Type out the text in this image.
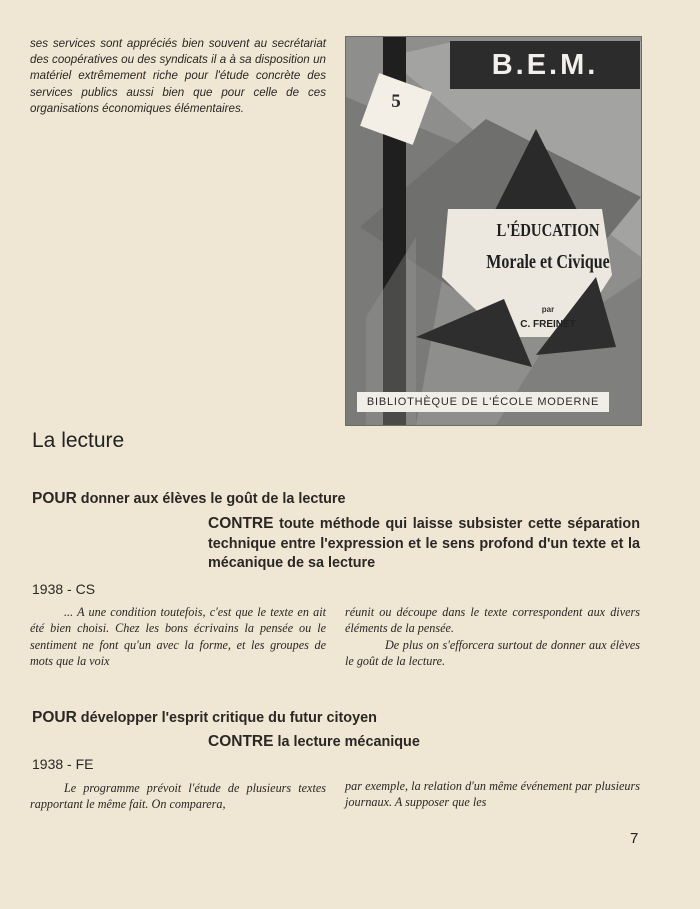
ses services sont appréciés bien souvent au secrétariat des coopératives ou des syndicats il a à sa disposition un matériel extrêmement riche pour l'étude concrète des services publics aussi bien que pour celle de ces organisations économiques élémentaires.

B.E.M.
5
L'ÉDUCATION
Morale et Civique
par
C. FREINET
BIBLIOTHÈQUE DE L'ÉCOLE MODERNE
La lecture

POUR donner aux élèves le goût de la lecture

CONTRE toute méthode qui laisse subsister cette séparation technique entre l'expression et le sens profond d'un texte et la mécanique de sa lecture

1938 - CS

... A une condition toutefois, c'est que le texte en ait été bien choisi. Chez les bons écrivains la pensée ou le sentiment ne font qu'un avec la forme, et les groupes de mots que la voix

réunit ou découpe dans le texte correspondent aux divers éléments de la pensée.

De plus on s'efforcera surtout de donner aux élèves le goût de la lecture.

POUR développer l'esprit critique du futur citoyen

CONTRE la lecture mécanique

1938 - FE

Le programme prévoit l'étude de plusieurs textes rapportant le même fait. On comparera,

par exemple, la relation d'un même événement par plusieurs journaux. A supposer que les

7
